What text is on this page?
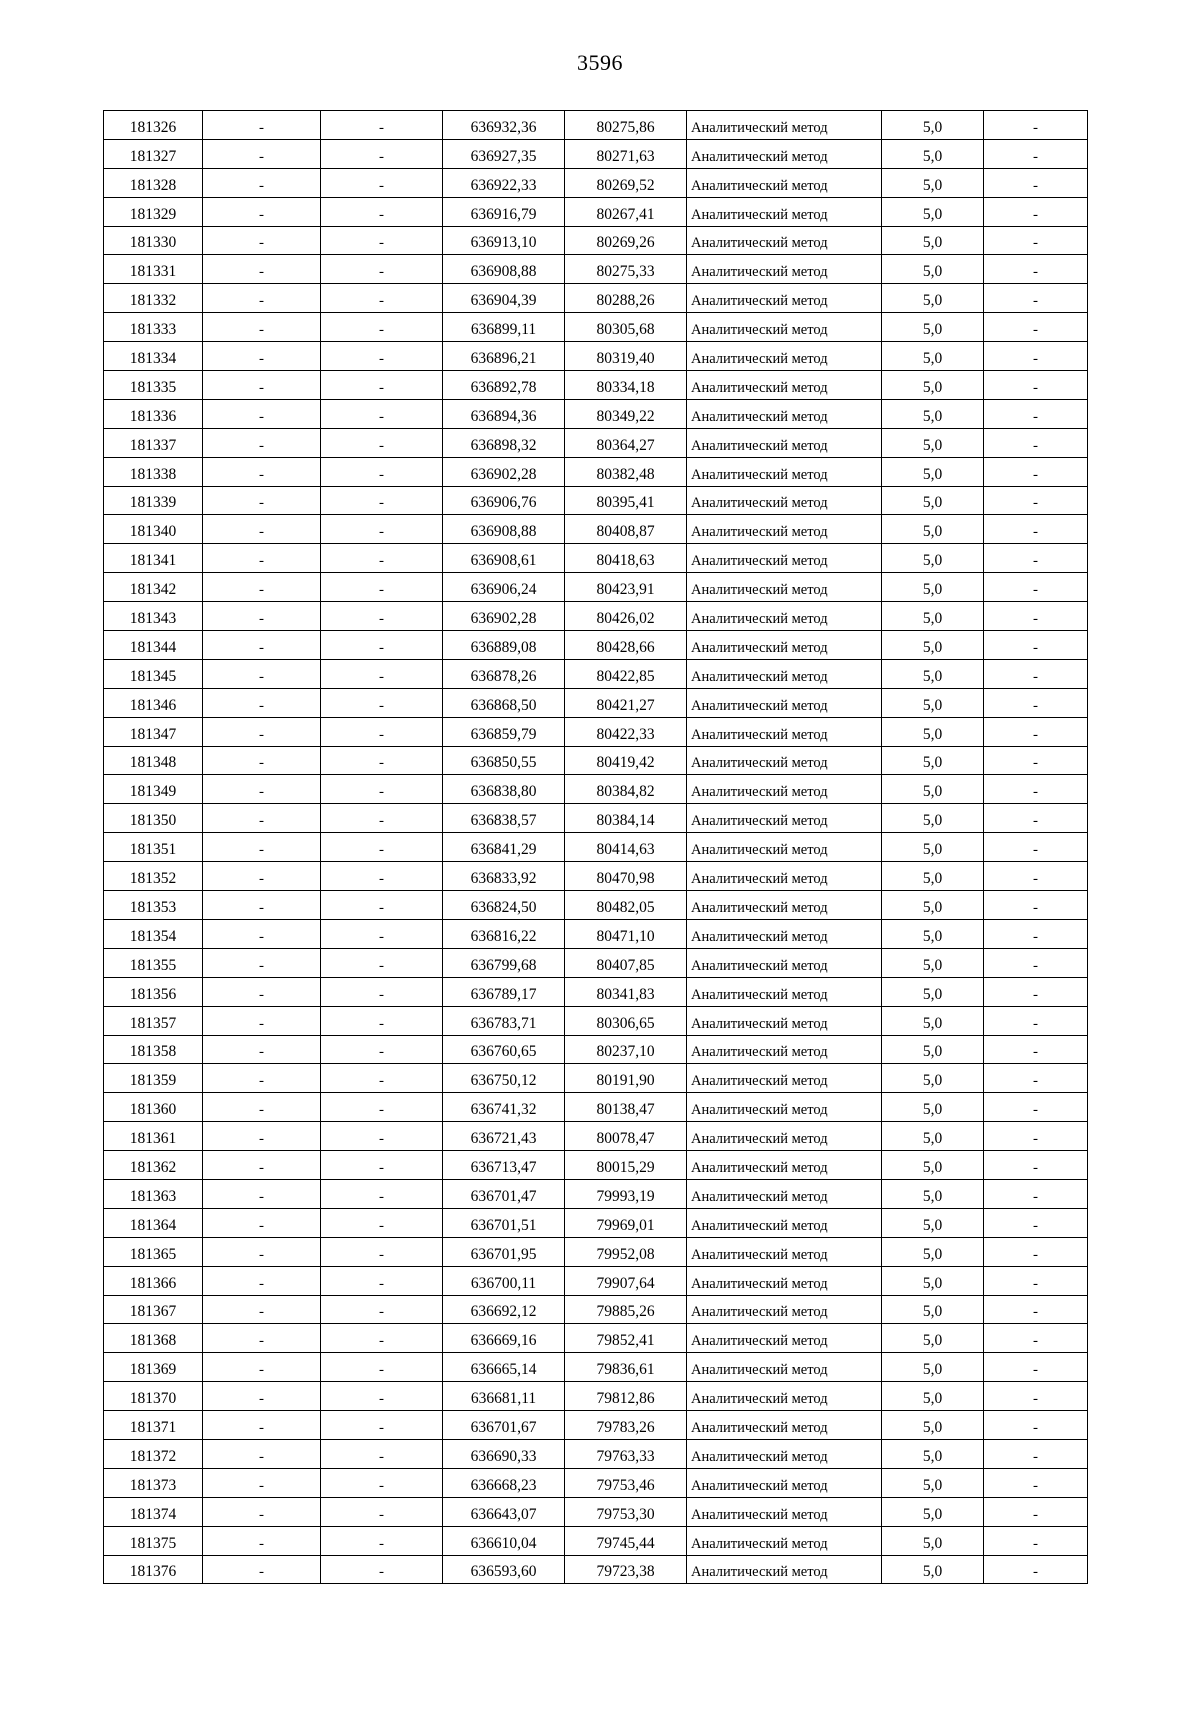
3596
181326	-	-	636932,36	80275,86	Аналитический метод	5,0	-
181327	-	-	636927,35	80271,63	Аналитический метод	5,0	-
181328	-	-	636922,33	80269,52	Аналитический метод	5,0	-
181329	-	-	636916,79	80267,41	Аналитический метод	5,0	-
181330	-	-	636913,10	80269,26	Аналитический метод	5,0	-
181331	-	-	636908,88	80275,33	Аналитический метод	5,0	-
181332	-	-	636904,39	80288,26	Аналитический метод	5,0	-
181333	-	-	636899,11	80305,68	Аналитический метод	5,0	-
181334	-	-	636896,21	80319,40	Аналитический метод	5,0	-
181335	-	-	636892,78	80334,18	Аналитический метод	5,0	-
181336	-	-	636894,36	80349,22	Аналитический метод	5,0	-
181337	-	-	636898,32	80364,27	Аналитический метод	5,0	-
181338	-	-	636902,28	80382,48	Аналитический метод	5,0	-
181339	-	-	636906,76	80395,41	Аналитический метод	5,0	-
181340	-	-	636908,88	80408,87	Аналитический метод	5,0	-
181341	-	-	636908,61	80418,63	Аналитический метод	5,0	-
181342	-	-	636906,24	80423,91	Аналитический метод	5,0	-
181343	-	-	636902,28	80426,02	Аналитический метод	5,0	-
181344	-	-	636889,08	80428,66	Аналитический метод	5,0	-
181345	-	-	636878,26	80422,85	Аналитический метод	5,0	-
181346	-	-	636868,50	80421,27	Аналитический метод	5,0	-
181347	-	-	636859,79	80422,33	Аналитический метод	5,0	-
181348	-	-	636850,55	80419,42	Аналитический метод	5,0	-
181349	-	-	636838,80	80384,82	Аналитический метод	5,0	-
181350	-	-	636838,57	80384,14	Аналитический метод	5,0	-
181351	-	-	636841,29	80414,63	Аналитический метод	5,0	-
181352	-	-	636833,92	80470,98	Аналитический метод	5,0	-
181353	-	-	636824,50	80482,05	Аналитический метод	5,0	-
181354	-	-	636816,22	80471,10	Аналитический метод	5,0	-
181355	-	-	636799,68	80407,85	Аналитический метод	5,0	-
181356	-	-	636789,17	80341,83	Аналитический метод	5,0	-
181357	-	-	636783,71	80306,65	Аналитический метод	5,0	-
181358	-	-	636760,65	80237,10	Аналитический метод	5,0	-
181359	-	-	636750,12	80191,90	Аналитический метод	5,0	-
181360	-	-	636741,32	80138,47	Аналитический метод	5,0	-
181361	-	-	636721,43	80078,47	Аналитический метод	5,0	-
181362	-	-	636713,47	80015,29	Аналитический метод	5,0	-
181363	-	-	636701,47	79993,19	Аналитический метод	5,0	-
181364	-	-	636701,51	79969,01	Аналитический метод	5,0	-
181365	-	-	636701,95	79952,08	Аналитический метод	5,0	-
181366	-	-	636700,11	79907,64	Аналитический метод	5,0	-
181367	-	-	636692,12	79885,26	Аналитический метод	5,0	-
181368	-	-	636669,16	79852,41	Аналитический метод	5,0	-
181369	-	-	636665,14	79836,61	Аналитический метод	5,0	-
181370	-	-	636681,11	79812,86	Аналитический метод	5,0	-
181371	-	-	636701,67	79783,26	Аналитический метод	5,0	-
181372	-	-	636690,33	79763,33	Аналитический метод	5,0	-
181373	-	-	636668,23	79753,46	Аналитический метод	5,0	-
181374	-	-	636643,07	79753,30	Аналитический метод	5,0	-
181375	-	-	636610,04	79745,44	Аналитический метод	5,0	-
181376	-	-	636593,60	79723,38	Аналитический метод	5,0	-
